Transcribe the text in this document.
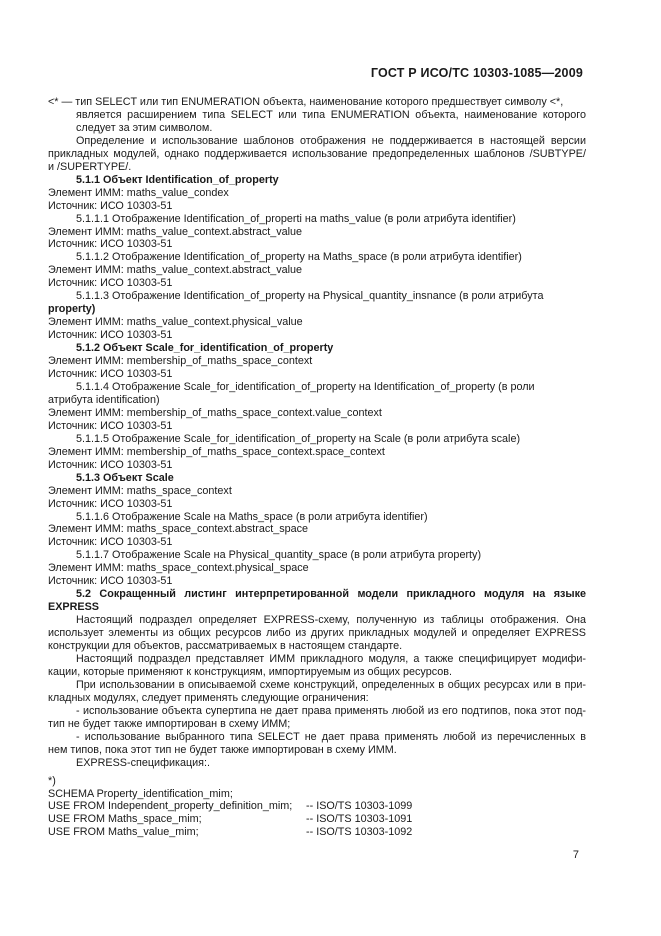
ГОСТ Р ИСО/ТС 10303-1085—2009
<* — тип SELECT или тип ENUMERATION объекта, наименование которого предшествует символу <*,
являeтся расширением типа SELECT или типа ENUMERATION объекта, наименование которого
следует за этим символом.
Определение и использование шаблонов отображения не поддерживается в настоящей версии
прикладных модулей, однако поддерживается использование предопределенных шаблонов /SUBTYPE/
и /SUPERTYPE/.
5.1.1 Объект Identification_of_property
Элемент ИММ: maths_value_condex
Источник: ИСО 10303-51
5.1.1.1 Отображение Identification_of_properti на maths_value (в роли атрибута identifier)
Элемент ИММ: maths_value_context.abstract_value
Источник: ИСО 10303-51
5.1.1.2 Отображение Identification_of_property на Maths_space (в роли атрибута identifier)
Элемент ИММ: maths_value_context.abstract_value
Источник: ИСО 10303-51
5.1.1.3 Отображение Identification_of_property на Physical_quantity_insnance (в роли атрибута
property)
Элемент ИММ: maths_value_context.physical_value
Источник: ИСО 10303-51
5.1.2 Объект Scale_for_identification_of_property
Элемент ИММ: membership_of_maths_space_context
Источник: ИСО 10303-51
5.1.1.4 Отображение Scale_for_identification_of_property на Identification_of_property (в роли
атрибута identification)
Элемент ИММ: membership_of_maths_space_context.value_context
Источник: ИСО 10303-51
5.1.1.5 Отображение Scale_for_identification_of_property на Scale (в роли атрибута scale)
Элемент ИММ: membership_of_maths_space_context.space_context
Источник: ИСО 10303-51
5.1.3 Объект Scale
Элемент ИММ: maths_space_context
Источник: ИСО 10303-51
5.1.1.6 Отображение Scale на Maths_space (в роли атрибута identifier)
Элемент ИММ: maths_space_context.abstract_space
Источник: ИСО 10303-51
5.1.1.7 Отображение Scale на Physical_quantity_space (в роли атрибута property)
Элемент ИММ: maths_space_context.physical_space
Источник: ИСО 10303-51
5.2 Сокращенный листинг интерпретированной модели прикладного модуля на языке
EXPRESS
Настоящий подраздел определяет EXPRESS-схему, полученную из таблицы отображения. Она
использует элементы из общих ресурсов либо из других прикладных модулей и определяет EXPRESS
конструкции для объектов, рассматриваемых в настоящем стандарте.
Настоящий подраздел представляет ИММ прикладного модуля, а также специфицирует модифи-
кации, которые применяют к конструкциям, импортируемым из общих ресурсов.
При использовании в описываемой схеме конструкций, определенных в общих ресурсах или в при-
кладных модулях, следует применять следующие ограничения:
- использование объекта супертипа не дает права применять любой из его подтипов, пока этот под-
тип не будет также импортирован в схему ИММ;
- использование выбранного типа SELECT не дает права применять любой из перечисленных в
нем типов, пока этот тип не будет также импортирован в схему ИММ.
EXPRESS-спецификация:.
*)
SCHEMA Property_identification_mim;
USE FROM Independent_property_definition_mim; -- ISO/TS 10303-1099
USE FROM Maths_space_mim;	-- ISO/TS 10303-1091
USE FROM Maths_value_mim;	-- ISO/TS 10303-1092
7
